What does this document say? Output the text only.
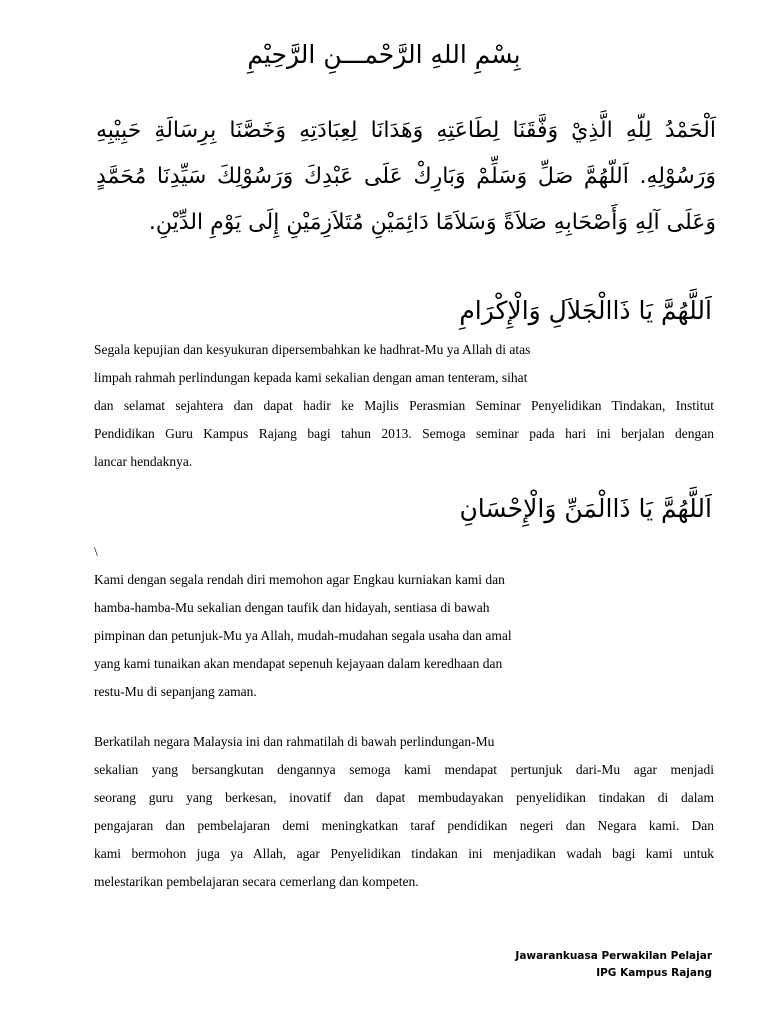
بِسْمِ اللهِ الرَّحْمـــنِ الرَّحِيْمِ
اَلْحَمْدُ لِلّهِ الَّذِيْ وَفَّقَنَا لِطَاعَتِهِ وَهَدَانَا لِعِبَادَتِهِ وَخَصَّنَا بِرِسَالَةِ حَبِيْبِهِ
وَرَسُوْلِهِ. اَللّهُمَّ صَلِّ وَسَلِّمْ وَبَارِكْ عَلَى عَبْدِكَ وَرَسُوْلِكَ سَيِّدِنَا مُحَمَّدٍ
وَعَلَى آلِهِ وَأَصْحَابِهِ صَلاَةً وَسَلاَمًا دَائِمَيْنِ مُتَلاَزِمَيْنِ إِلَى يَوْمِ الدِّيْنِ.
اَللَّهُمَّ يَا ذَاالْجَلاَلِ وَالْإِكْرَامِ
Segala kepujian dan kesyukuran dipersembahkan ke hadhrat-Mu ya Allah di atas
limpah rahmah perlindungan kepada kami sekalian dengan aman tenteram, sihat
dan selamat sejahtera dan dapat hadir ke Majlis Perasmian Seminar Penyelidikan Tindakan, Institut
Pendidikan Guru Kampus Rajang bagi tahun 2013. Semoga seminar pada hari ini berjalan dengan
lancar hendaknya.
اَللَّهُمَّ يَا ذَاالْمَنِّ وَالْإِحْسَانِ
\
Kami dengan segala rendah diri memohon agar Engkau kurniakan kami dan
hamba-hamba-Mu sekalian dengan taufik dan hidayah, sentiasa di bawah
pimpinan dan petunjuk-Mu ya Allah, mudah-mudahan segala usaha dan amal
yang kami tunaikan akan mendapat sepenuh kejayaan dalam keredhaan dan
restu-Mu di sepanjang zaman.
Berkatilah negara Malaysia ini dan rahmatilah di bawah perlindungan-Mu
sekalian yang bersangkutan dengannya semoga kami mendapat pertunjuk dari-Mu agar menjadi
seorang guru yang berkesan, inovatif dan dapat membudayakan penyelidikan tindakan di dalam
pengajaran dan pembelajaran demi meningkatkan taraf pendidikan negeri dan Negara kami. Dan
kami bermohon juga ya Allah, agar Penyelidikan tindakan ini menjadikan wadah bagi kami untuk
melestarikan pembelajaran secara cemerlang dan kompeten.
Jawarankuasa Perwakilan Pelajar
IPG Kampus Rajang
